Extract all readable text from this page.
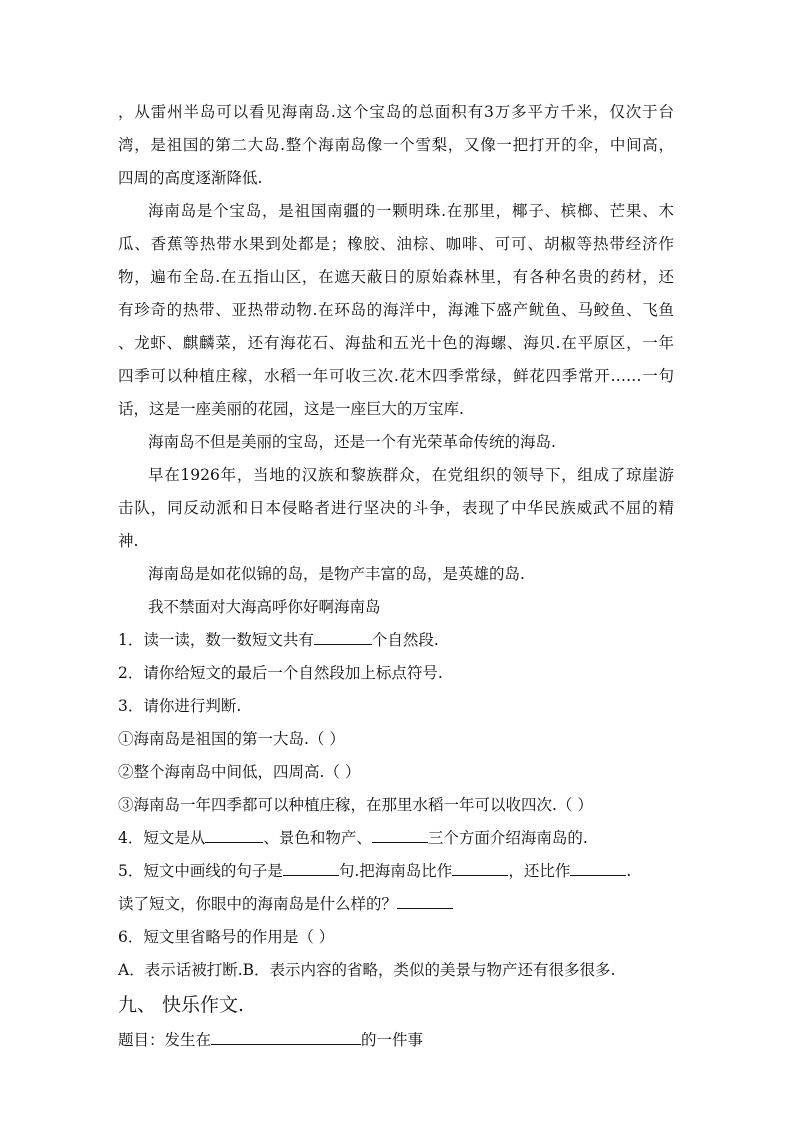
，从雷州半岛可以看见海南岛.这个宝岛的总面积有3万多平方千米，仅次于台
湾，是祖国的第二大岛.整个海南岛像一个雪梨，又像一把打开的伞，中间高，
四周的高度逐渐降低.
海南岛是个宝岛，是祖国南疆的一颗明珠.在那里，椰子、槟榔、芒果、木
瓜、香蕉等热带水果到处都是；橡胶、油棕、咖啡、可可、胡椒等热带经济作
物，遍布全岛.在五指山区，在遮天蔽日的原始森林里，有各种名贵的药材，还
有珍奇的热带、亚热带动物.在环岛的海洋中，海滩下盛产鱿鱼、马鲛鱼、飞鱼
、龙虾、麒麟菜，还有海花石、海盐和五光十色的海螺、海贝.在平原区，一年
四季可以种植庄稼，水稻一年可收三次.花木四季常绿，鲜花四季常开……一句
话，这是一座美丽的花园，这是一座巨大的万宝库.
海南岛不但是美丽的宝岛，还是一个有光荣革命传统的海岛.
早在1926年，当地的汉族和黎族群众，在党组织的领导下，组成了琼崖游
击队，同反动派和日本侵略者进行坚决的斗争，表现了中华民族威武不屈的精
神.
海南岛是如花似锦的岛，是物产丰富的岛，是英雄的岛.
我不禁面对大海高呼你好啊海南岛
1．读一读，数一数短文共有	个自然段.
2．请你给短文的最后一个自然段加上标点符号.
3．请你进行判断.
①海南岛是祖国的第一大岛.（ ）
②整个海南岛中间低，四周高.（ ）
③海南岛一年四季都可以种植庄稼，在那里水稻一年可以收四次.（ ）
4．短文是从	、景色和物产、	三个方面介绍海南岛的.
5．短文中画线的句子是	句.把海南岛比作	，还比作	.
读了短文，你眼中的海南岛是什么样的？
6．短文里省略号的作用是（ ）
A．表示话被打断.B．表示内容的省略，类似的美景与物产还有很多很多.
九、 快乐作文.
题目：发生在	的一件事
